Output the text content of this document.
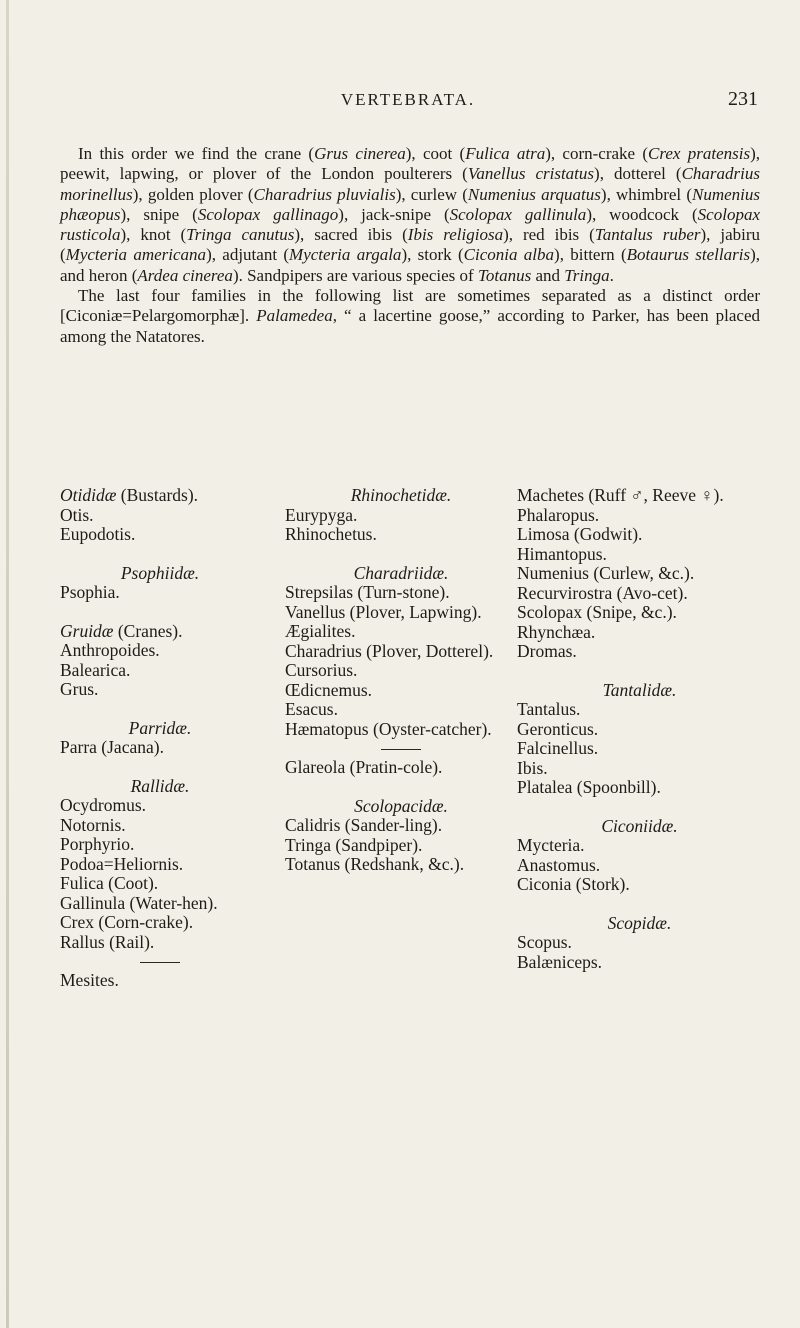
VERTEBRATA.	231

In this order we find the crane (Grus cinerea), coot (Fulica atra), corn-crake (Crex pratensis), peewit, lapwing, or plover of the London poulterers (Vanellus cristatus), dotterel (Charadrius morinellus), golden plover (Charadrius pluvialis), curlew (Numenius arquatus), whimbrel (Numenius phæopus), snipe (Scolopax gallinago), jack-snipe (Scolopax gallinula), woodcock (Scolopax rusticola), knot (Tringa canutus), sacred ibis (Ibis religiosa), red ibis (Tantalus ruber), jabiru (Mycteria americana), adjutant (Mycteria argala), stork (Ciconia alba), bittern (Botaurus stellaris), and heron (Ardea cinerea). Sandpipers are various species of Totanus and Tringa.

The last four families in the following list are sometimes separated as a distinct order [Ciconiæ=Pelargomorphæ]. Palamedea, “ a lacertine goose,” according to Parker, has been placed among the Natatores.

Otididæ (Bustards).

Otis.

Eupodotis.

Psophiidæ.

Psophia.

Gruidæ (Cranes).

Anthropoides.

Balearica.

Grus.

Parridæ.

Parra (Jacana).

Rallidæ.

Ocydromus.

Notornis.

Porphyrio.

Podoa=Heliornis.

Fulica (Coot).

Gallinula (Water-hen).

Crex (Corn-crake).

Rallus (Rail).

Mesites.

Rhinochetidæ.

Eurypyga.

Rhinochetus.

Charadriidæ.

Strepsilas (Turn-stone).

Vanellus (Plover, Lapwing).

Ægialites.

Charadrius (Plover, Dotterel).

Cursorius.

Œdicnemus.

Esacus.

Hæmatopus (Oyster-catcher).

Glareola (Pratin-cole).

Scolopacidæ.

Calidris (Sander-ling).

Tringa (Sandpiper).

Totanus (Redshank, &c.).

Machetes (Ruff ♂, Reeve ♀).

Phalaropus.

Limosa (Godwit).

Himantopus.

Numenius (Curlew, &c.).

Recurvirostra (Avo-cet).

Scolopax (Snipe, &c.).

Rhynchæa.

Dromas.

Tantalidæ.

Tantalus.

Geronticus.

Falcinellus.

Ibis.

Platalea (Spoonbill).

Ciconiidæ.

Mycteria.

Anastomus.

Ciconia (Stork).

Scopidæ.

Scopus.

Balæniceps.
